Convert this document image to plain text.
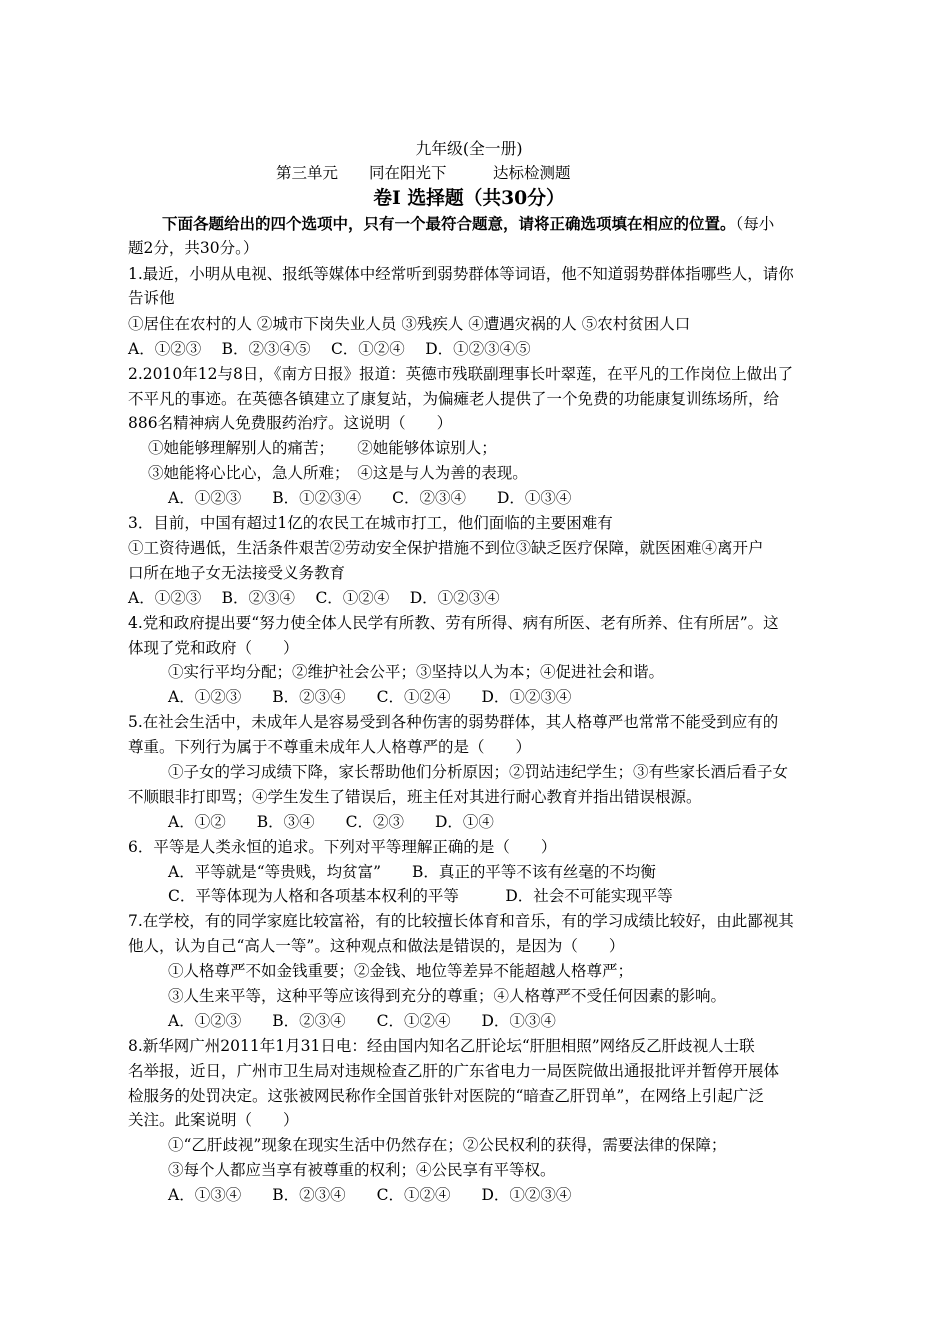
九年级(全一册)
第三单元　　同在阳光下　　　达标检测题
卷Ⅰ 选择题（共30分）
下面各题给出的四个选项中，只有一个最符合题意，请将正确选项填在相应的位置。（每小
题2分，共30分。）
1.最近，小明从电视、报纸等媒体中经常听到弱势群体等词语，他不知道弱势群体指哪些人，请你
告诉他
①居住在农村的人 ②城市下岗失业人员 ③残疾人 ④遭遇灾祸的人 ⑤农村贫困人口
A．①②③　 B．②③④⑤　 C．①②④　 D．①②③④⑤
2.2010年12与8日，《南方日报》报道：英德市残联副理事长叶翠莲，在平凡的工作岗位上做出了
不平凡的事迹。在英德各镇建立了康复站，为偏瘫老人提供了一个免费的功能康复训练场所，给
886名精神病人免费服药治疗。这说明（　　）
①她能够理解别人的痛苦；　　②她能够体谅别人；
③她能将心比心，急人所难；　④这是与人为善的表现。
A．①②③　　B．①②③④　　C．②③④　　D．①③④
3．目前，中国有超过1亿的农民工在城市打工，他们面临的主要困难有
①工资待遇低，生活条件艰苦②劳动安全保护措施不到位③缺乏医疗保障，就医困难④离开户
口所在地子女无法接受义务教育
A．①②③　 B．②③④　 C．①②④　 D．①②③④
4.党和政府提出要“努力使全体人民学有所教、劳有所得、病有所医、老有所养、住有所居”。这
体现了党和政府（　　）
①实行平均分配；②维护社会公平；③坚持以人为本；④促进社会和谐。
A．①②③　　B．②③④　　C．①②④　　D．①②③④
5.在社会生活中，未成年人是容易受到各种伤害的弱势群体，其人格尊严也常常不能受到应有的
尊重。下列行为属于不尊重未成年人人格尊严的是（　　）
①子女的学习成绩下降，家长帮助他们分析原因；②罚站违纪学生；③有些家长酒后看子女
不顺眼非打即骂；④学生发生了错误后，班主任对其进行耐心教育并指出错误根源。
A．①②　　B．③④　　C．②③　　D．①④
6．平等是人类永恒的追求。下列对平等理解正确的是（　　）
A．平等就是“等贵贱，均贫富”　　B．真正的平等不该有丝毫的不均衡
C．平等体现为人格和各项基本权利的平等　　　D．社会不可能实现平等
7.在学校，有的同学家庭比较富裕，有的比较擅长体育和音乐，有的学习成绩比较好，由此鄙视其
他人，认为自己“高人一等”。这种观点和做法是错误的，是因为（　　）
①人格尊严不如金钱重要；②金钱、地位等差异不能超越人格尊严；
③人生来平等，这种平等应该得到充分的尊重；④人格尊严不受任何因素的影响。
A．①②③　　B．②③④　　C．①②④　　D．①③④
8.新华网广州2011年1月31日电：经由国内知名乙肝论坛“肝胆相照”网络反乙肝歧视人士联
名举报，近日，广州市卫生局对违规检查乙肝的广东省电力一局医院做出通报批评并暂停开展体
检服务的处罚决定。这张被网民称作全国首张针对医院的“暗查乙肝罚单”，在网络上引起广泛
关注。此案说明（　　）
①“乙肝歧视”现象在现实生活中仍然存在；②公民权利的获得，需要法律的保障；
③每个人都应当享有被尊重的权利；④公民享有平等权。
A．①③④　　B．②③④　　C．①②④　　D．①②③④
